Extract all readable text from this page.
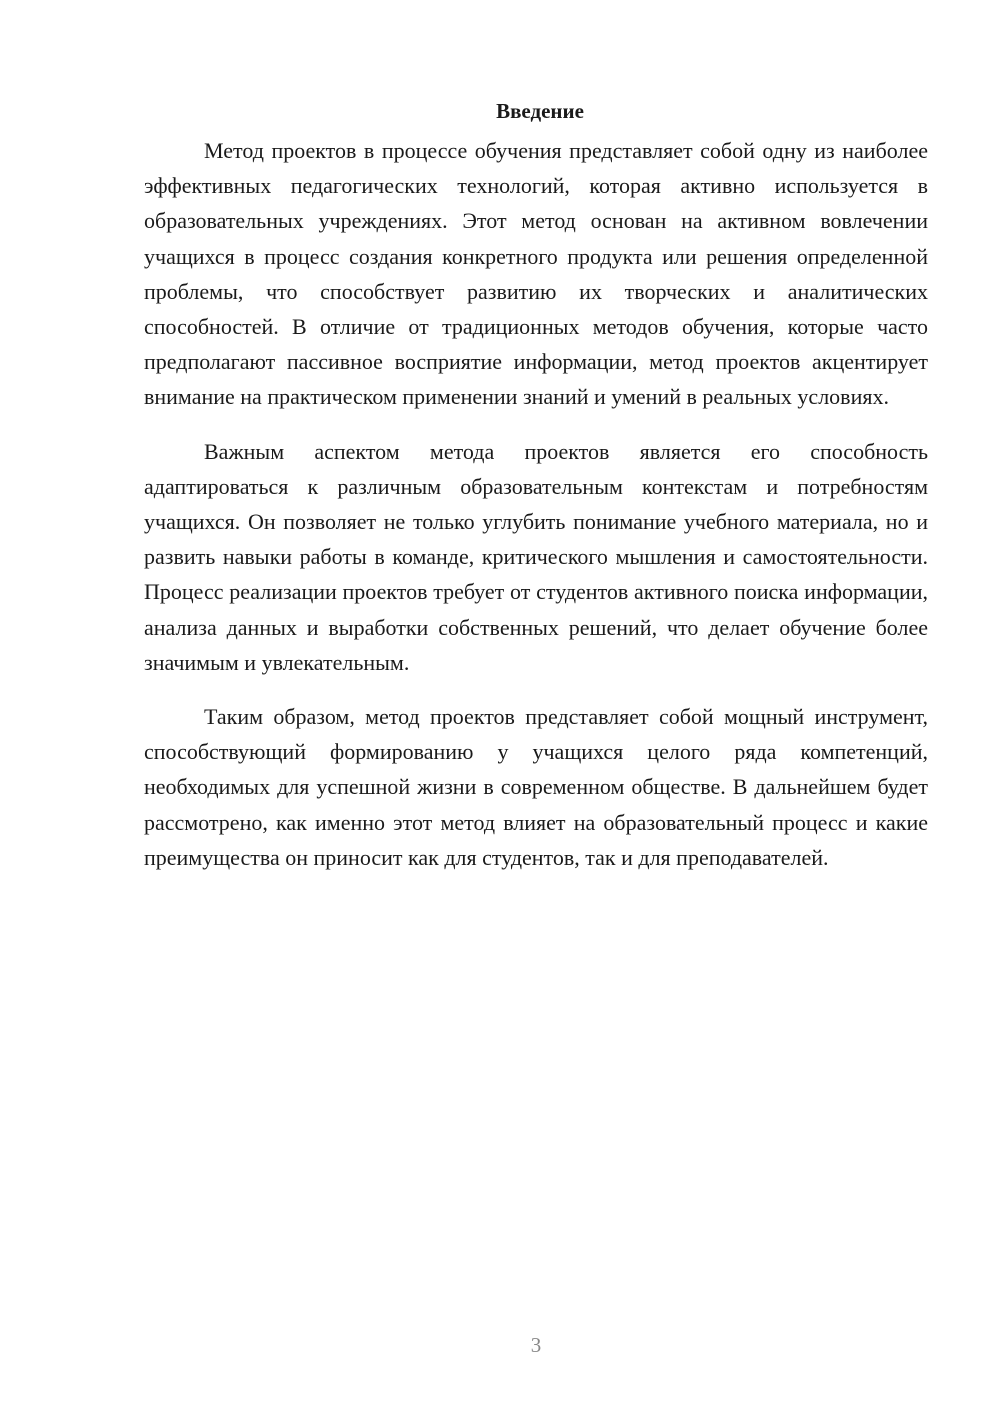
Введение

Метод проектов в процессе обучения представляет собой одну из наиболее эффективных педагогических технологий, которая активно используется в образовательных учреждениях. Этот метод основан на активном вовлечении учащихся в процесс создания конкретного продукта или решения определенной проблемы, что способствует развитию их творческих и аналитических способностей. В отличие от традиционных методов обучения, которые часто предполагают пассивное восприятие информации, метод проектов акцентирует внимание на практическом применении знаний и умений в реальных условиях.

Важным аспектом метода проектов является его способность адаптироваться к различным образовательным контекстам и потребностям учащихся. Он позволяет не только углубить понимание учебного материала, но и развить навыки работы в команде, критического мышления и самостоятельности. Процесс реализации проектов требует от студентов активного поиска информации, анализа данных и выработки собственных решений, что делает обучение более значимым и увлекательным.

Таким образом, метод проектов представляет собой мощный инструмент, способствующий формированию у учащихся целого ряда компетенций, необходимых для успешной жизни в современном обществе. В дальнейшем будет рассмотрено, как именно этот метод влияет на образовательный процесс и какие преимущества он приносит как для студентов, так и для преподавателей.

3
